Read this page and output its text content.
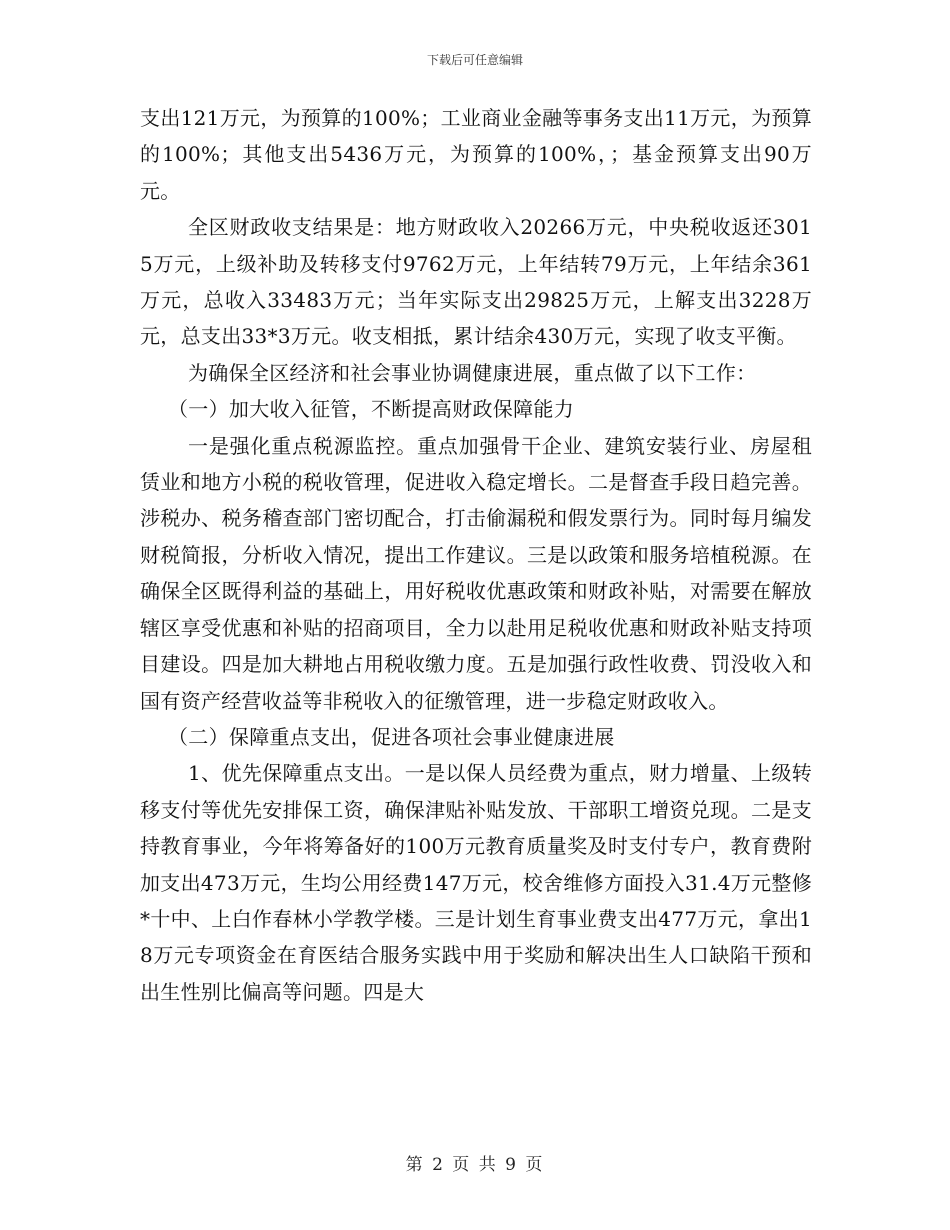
下载后可任意编辑

支出121万元，为预算的100%；工业商业金融等事务支出11万元，为预算的100%；其他支出5436万元，为预算的100%，；基金预算支出90万元。

全区财政收支结果是：地方财政收入20266万元，中央税收返还3015万元，上级补助及转移支付9762万元，上年结转79万元，上年结余361万元，总收入33483万元；当年实际支出29825万元，上解支出3228万元，总支出33*3万元。收支相抵，累计结余430万元，实现了收支平衡。

为确保全区经济和社会事业协调健康进展，重点做了以下工作：

（一）加大收入征管，不断提高财政保障能力

一是强化重点税源监控。重点加强骨干企业、建筑安装行业、房屋租赁业和地方小税的税收管理，促进收入稳定增长。二是督查手段日趋完善。涉税办、税务稽查部门密切配合，打击偷漏税和假发票行为。同时每月编发财税简报，分析收入情况，提出工作建议。三是以政策和服务培植税源。在确保全区既得利益的基础上，用好税收优惠政策和财政补贴，对需要在解放辖区享受优惠和补贴的招商项目，全力以赴用足税收优惠和财政补贴支持项目建设。四是加大耕地占用税收缴力度。五是加强行政性收费、罚没收入和国有资产经营收益等非税收入的征缴管理，进一步稳定财政收入。

（二）保障重点支出，促进各项社会事业健康进展

1、优先保障重点支出。一是以保人员经费为重点，财力增量、上级转移支付等优先安排保工资，确保津贴补贴发放、干部职工增资兑现。二是支持教育事业，今年将筹备好的100万元教育质量奖及时支付专户，教育费附加支出473万元，生均公用经费147万元，校舍维修方面投入31.4万元整修*十中、上白作春林小学教学楼。三是计划生育事业费支出477万元，拿出18万元专项资金在育医结合服务实践中用于奖励和解决出生人口缺陷干预和出生性别比偏高等问题。四是大

第 2 页 共 9 页
